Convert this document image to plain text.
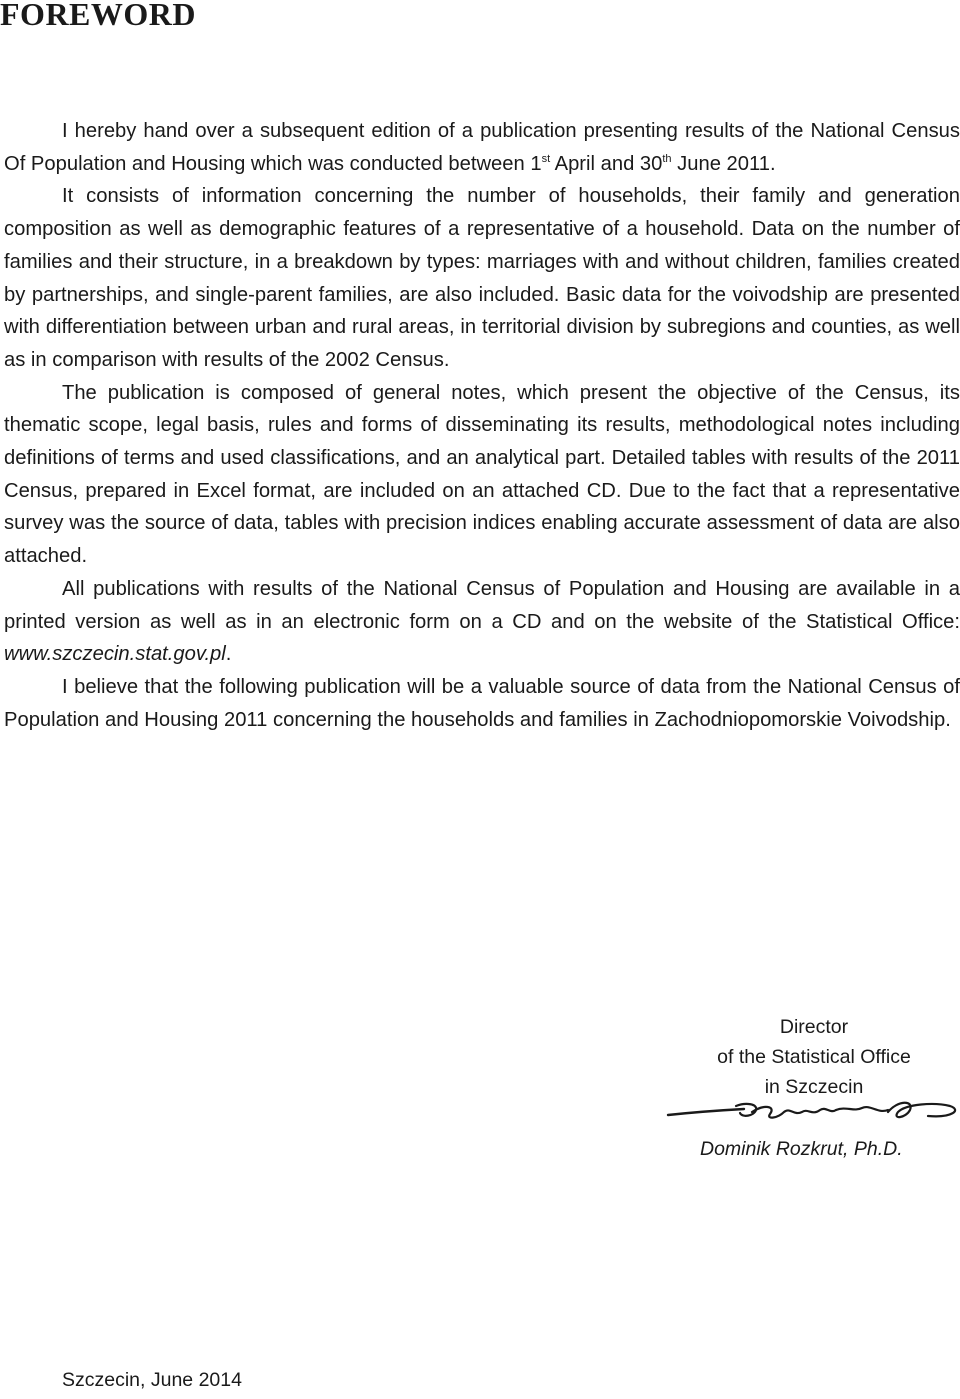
FOREWORD

I hereby hand over a subsequent edition of a publication presenting results of the National Census Of Population and Housing which was conducted between 1st April and 30th June 2011.

It consists of information concerning the number of households, their family and generation composition as well as demographic features of a representative of a household. Data on the number of families and their structure, in a breakdown by types: marriages with and without children, families created by partnerships, and single-parent families, are also included. Basic data for the voivodship are presented with differentiation between urban and rural areas, in territorial division by subregions and counties, as well as in comparison with results of the 2002 Census.

The publication is composed of general notes, which present the objective of the Census, its thematic scope, legal basis, rules and forms of disseminating its results, methodological notes including definitions of terms and used classifications, and an analytical part. Detailed tables with results of the 2011 Census, prepared in Excel format, are included on an attached CD. Due to the fact that a representative survey was the source of data, tables with precision indices enabling accurate assessment of data are also attached.

All publications with results of the National Census of Population and Housing are available in a printed version as well as in an electronic form on a CD and on the website of the Statistical Office: www.szczecin.stat.gov.pl.

I believe that the following publication will be a valuable source of data from the National Census of Population and Housing 2011 concerning the households and families in Zachodniopomorskie Voivodship.

Director
of the Statistical Office
in Szczecin
Dominik Rozkrut, Ph.D.
Szczecin, June 2014
